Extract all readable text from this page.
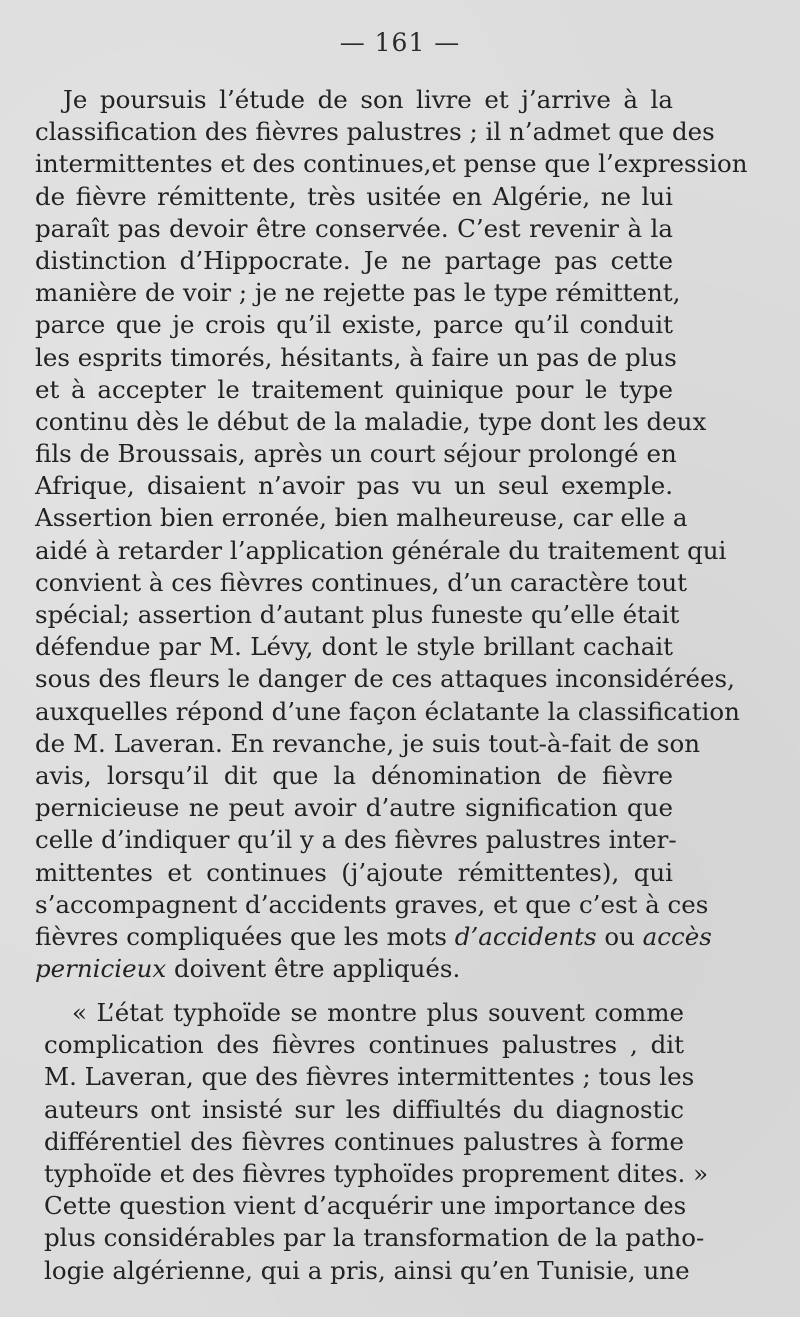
— 161 —
Je poursuis l’étude de son livre et j’arrive à la
classification des fièvres palustres ; il n’admet que des
intermittentes et des continues,et pense que l’expression
de fièvre rémittente, très usitée en Algérie, ne lui
paraît pas devoir être conservée. C’est revenir à la
distinction d’Hippocrate. Je ne partage pas cette
manière de voir ; je ne rejette pas le type rémittent,
parce que je crois qu’il existe, parce qu’il conduit
les esprits timorés, hésitants, à faire un pas de plus
et à accepter le traitement quinique pour le type
continu dès le début de la maladie, type dont les deux
fils de Broussais, après un court séjour prolongé en
Afrique, disaient n’avoir pas vu un seul exemple.
Assertion bien erronée, bien malheureuse, car elle a
aidé à retarder l’application générale du traitement qui
convient à ces fièvres continues, d’un caractère tout
spécial; assertion d’autant plus funeste qu’elle était
défendue par M. Lévy, dont le style brillant cachait
sous des fleurs le danger de ces attaques inconsidérées,
auxquelles répond d’une façon éclatante la classification
de M. Laveran. En revanche, je suis tout-à-fait de son
avis, lorsqu’il dit que la dénomination de fièvre
pernicieuse ne peut avoir d’autre signification que
celle d’indiquer qu’il y a des fièvres palustres inter-
mittentes et continues (j’ajoute rémittentes), qui
s’accompagnent d’accidents graves, et que c’est à ces
fièvres compliquées que les mots d’accidents ou accès
pernicieux doivent être appliqués.
« L’état typhoïde se montre plus souvent comme
complication des fièvres continues palustres , dit
M. Laveran, que des fièvres intermittentes ; tous les
auteurs ont insisté sur les diffiultés du diagnostic
différentiel des fièvres continues palustres à forme
typhoïde et des fièvres typhoïdes proprement dites. »
Cette question vient d’acquérir une importance des
plus considérables par la transformation de la patho-
logie algérienne, qui a pris, ainsi qu’en Tunisie, une
